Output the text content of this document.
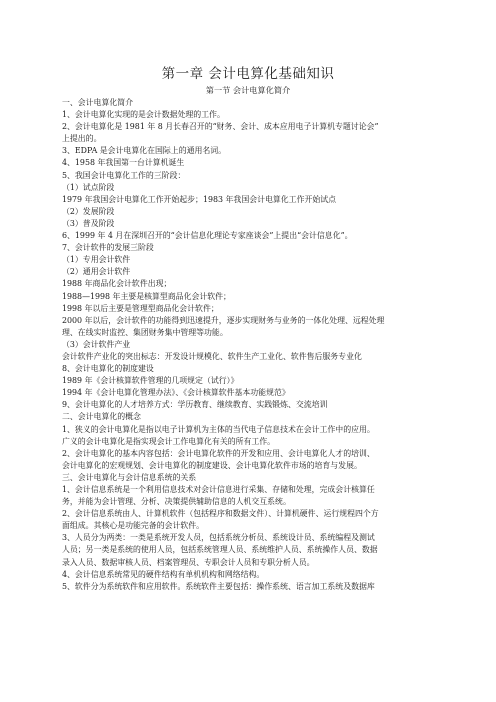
第一章 会计电算化基础知识
第一节 会计电算化简介
一、会计电算化简介
1、会计电算化实现的是会计数据处理的工作。
2、会计电算化是 1981 年 8 月长春召开的“财务、会计、成本应用电子计算机专题讨论会”
上提出的。
3、EDPA 是会计电算化在国际上的通用名词。
4、1958 年我国第一台计算机诞生
5、我国会计电算化工作的三阶段：
（1）试点阶段
1979 年我国会计电算化工作开始起步；1983 年我国会计电算化工作开始试点
（2）发展阶段
（3）普及阶段
6、1999 年 4 月在深圳召开的“会计信息化理论专家座谈会”上提出“会计信息化”。
7、会计软件的发展三阶段
（1）专用会计软件
（2）通用会计软件
1988 年商品化会计软件出现；
1988—1998 年主要是核算型商品化会计软件；
1998 年以后主要是管理型商品化会计软件；
2000 年以后，会计软件的功能得到迅速提升，逐步实现财务与业务的一体化处理、远程处理
理、在线实时监控、集团财务集中管理等功能。
（3）会计软件产业
会计软件产业化的突出标志：开发设计规模化、软件生产工业化、软件售后服务专业化
8、会计电算化的制度建设
1989 年《会计核算软件管理的几项规定（试行）》
1994 年《会计电算化管理办法》、《会计核算软件基本功能规范》
9、会计电算化的人才培养方式：学历教育、继续教育、实践锻炼、交流培训
二、会计电算化的概念
1、狭义的会计电算化是指以电子计算机为主体的当代电子信息技术在会计工作中的应用。
广义的会计电算化是指实现会计工作电算化有关的所有工作。
2、会计电算化的基本内容包括：会计电算化软件的开发和应用、会计电算化人才的培训、
会计电算化的宏观规划、会计电算化的制度建设、会计电算化软件市场的培育与发展。
三、会计电算化与会计信息系统的关系
1、会计信息系统是一个利用信息技术对会计信息进行采集、存储和处理，完成会计核算任
务，并能为会计管理、分析、决策提供辅助信息的人机交互系统。
2、会计信息系统由人、计算机软件（包括程序和数据文件）、计算机硬件、运行规程四个方
面组成。其核心是功能完备的会计软件。
3、人员分为两类：一类是系统开发人员，包括系统分析员、系统设计员、系统编程及测试
人员；另一类是系统的使用人员，包括系统管理人员、系统维护人员、系统操作人员、数据
录入人员、数据审核人员、档案管理员、专职会计人员和专职分析人员。
4、会计信息系统常见的硬件结构有单机机构和网络结构。
5、软件分为系统软件和应用软件。系统软件主要包括：操作系统、语言加工系统及数据库
